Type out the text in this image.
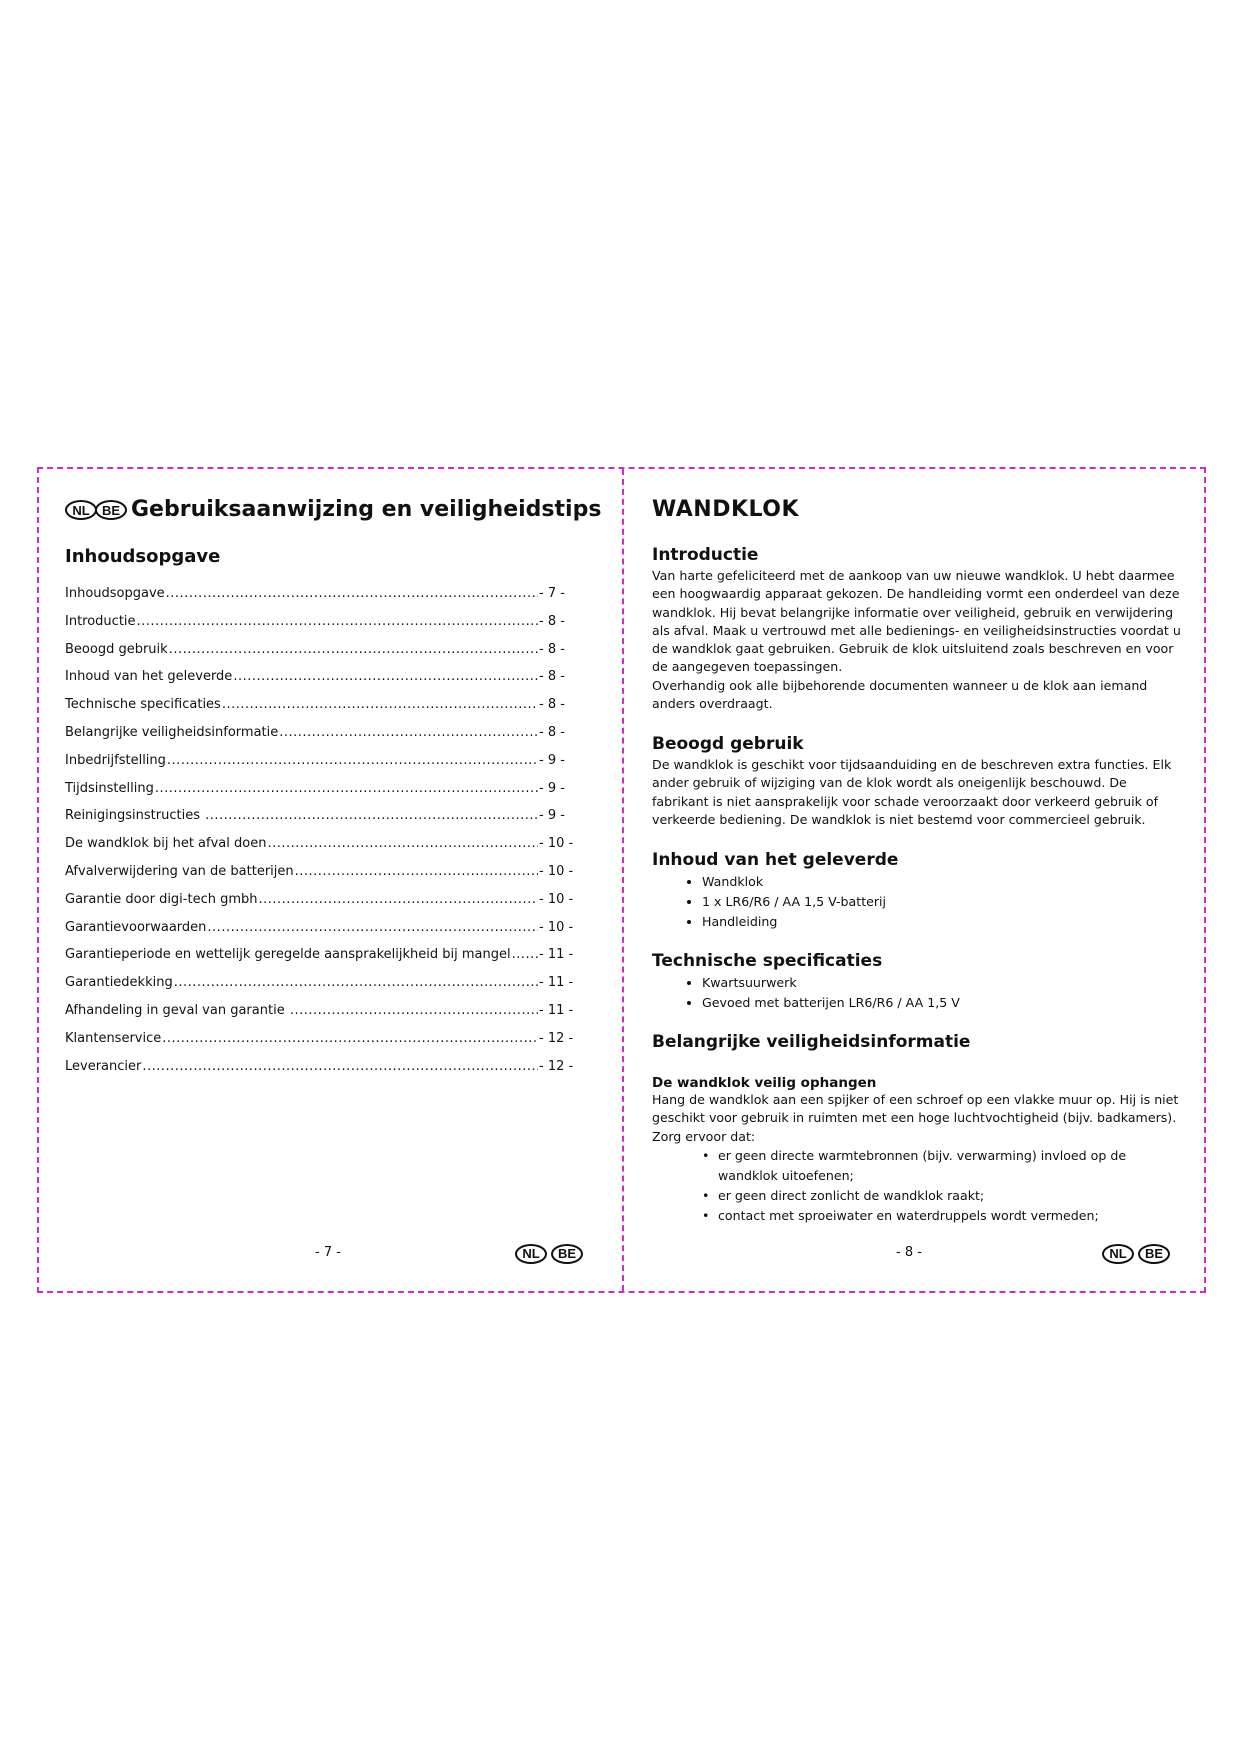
NL BE Gebruiksaanwijzing en veiligheidstips
Inhoudsopgave
Inhoudsopgave .....	- 7 -
Introductie .....	- 8 -
Beoogd gebruik .....	- 8 -
Inhoud van het geleverde .....	- 8 -
Technische specificaties .....	- 8 -
Belangrijke veiligheidsinformatie .....	- 8 -
Inbedrijfstelling .....	- 9 -
Tijdsinstelling .....	- 9 -
Reinigingsinstructies .....	- 9 -
De wandklok bij het afval doen .....	- 10 -
Afvalverwijdering van de batterijen .....	- 10 -
Garantie door digi-tech gmbh .....	- 10 -
Garantievoorwaarden .....	- 10 -
Garantieperiode en wettelijk geregelde aansprakelijkheid bij mangel ..... - 11 -
Garantiedekking .....	- 11 -
Afhandeling in geval van garantie .....	- 11 -
Klantenservice .....	- 12 -
Leverancier .....	- 12 -
- 7 -	NL BE
WANDKLOK
Introductie

Van harte gefeliciteerd met de aankoop van uw nieuwe wandklok. U hebt daarmee een hoogwaardig apparaat gekozen. De handleiding vormt een onderdeel van deze wandklok. Hij bevat belangrijke informatie over veiligheid, gebruik en verwijdering als afval. Maak u vertrouwd met alle bedienings- en veiligheidsinstructies voordat u de wandklok gaat gebruiken. Gebruik de klok uitsluitend zoals beschreven en voor de aangegeven toepassingen.

Overhandig ook alle bijbehorende documenten wanneer u de klok aan iemand anders overdraagt.

Beoogd gebruik

De wandklok is geschikt voor tijdsaanduiding en de beschreven extra functies. Elk ander gebruik of wijziging van de klok wordt als oneigenlijk beschouwd. De fabrikant is niet aansprakelijk voor schade veroorzaakt door verkeerd gebruik of verkeerde bediening. De wandklok is niet bestemd voor commercieel gebruik.

Inhoud van het geleverde
• Wandklok
• 1 x LR6/R6 / AA 1,5 V-batterij
• Handleiding
Technische specificaties
• Kwartsuurwerk
• Gevoed met batterijen LR6/R6 / AA 1,5 V
Belangrijke veiligheidsinformatie
De wandklok veilig ophangen

Hang de wandklok aan een spijker of een schroef op een vlakke muur op. Hij is niet geschikt voor gebruik in ruimten met een hoge luchtvochtigheid (bijv. badkamers). Zorg ervoor dat:

• er geen directe warmtebronnen (bijv. verwarming) invloed op de wandklok uitoefenen;
• er geen direct zonlicht de wandklok raakt;
• contact met sproeiwater en waterdruppels wordt vermeden;
- 8 -	NL BE
